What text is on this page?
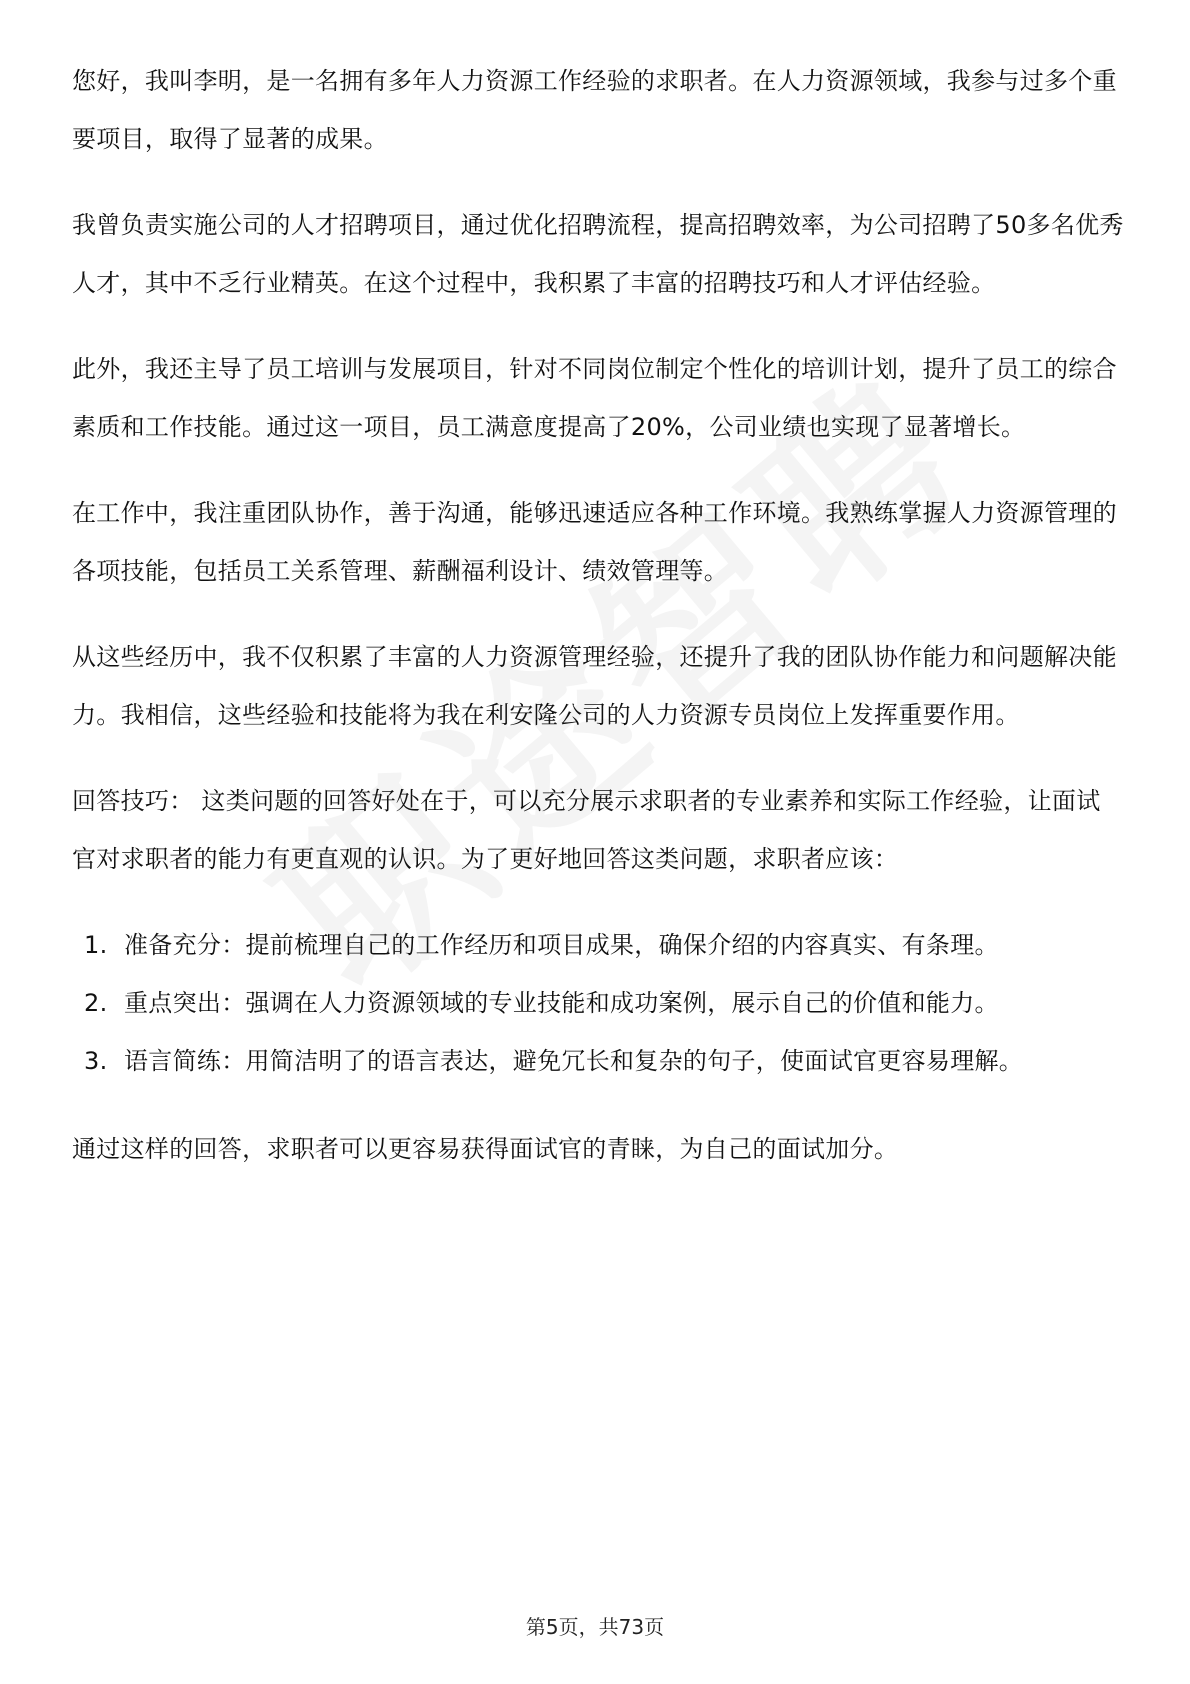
您好，我叫李明，是一名拥有多年人力资源工作经验的求职者。在人力资源领域，我参与过多个重要项目，取得了显著的成果。

我曾负责实施公司的人才招聘项目，通过优化招聘流程，提高招聘效率，为公司招聘了50多名优秀人才，其中不乏行业精英。在这个过程中，我积累了丰富的招聘技巧和人才评估经验。

此外，我还主导了员工培训与发展项目，针对不同岗位制定个性化的培训计划，提升了员工的综合素质和工作技能。通过这一项目，员工满意度提高了20%，公司业绩也实现了显著增长。

在工作中，我注重团队协作，善于沟通，能够迅速适应各种工作环境。我熟练掌握人力资源管理的各项技能，包括员工关系管理、薪酬福利设计、绩效管理等。

从这些经历中，我不仅积累了丰富的人力资源管理经验，还提升了我的团队协作能力和问题解决能力。我相信，这些经验和技能将为我在利安隆公司的人力资源专员岗位上发挥重要作用。

回答技巧： 这类问题的回答好处在于，可以充分展示求职者的专业素养和实际工作经验，让面试官对求职者的能力有更直观的认识。为了更好地回答这类问题，求职者应该：

1. 准备充分：提前梳理自己的工作经历和项目成果，确保介绍的内容真实、有条理。
2. 重点突出：强调在人力资源领域的专业技能和成功案例，展示自己的价值和能力。
3. 语言简练：用简洁明了的语言表达，避免冗长和复杂的句子，使面试官更容易理解。

通过这样的回答，求职者可以更容易获得面试官的青睐，为自己的面试加分。

第5页，共73页
